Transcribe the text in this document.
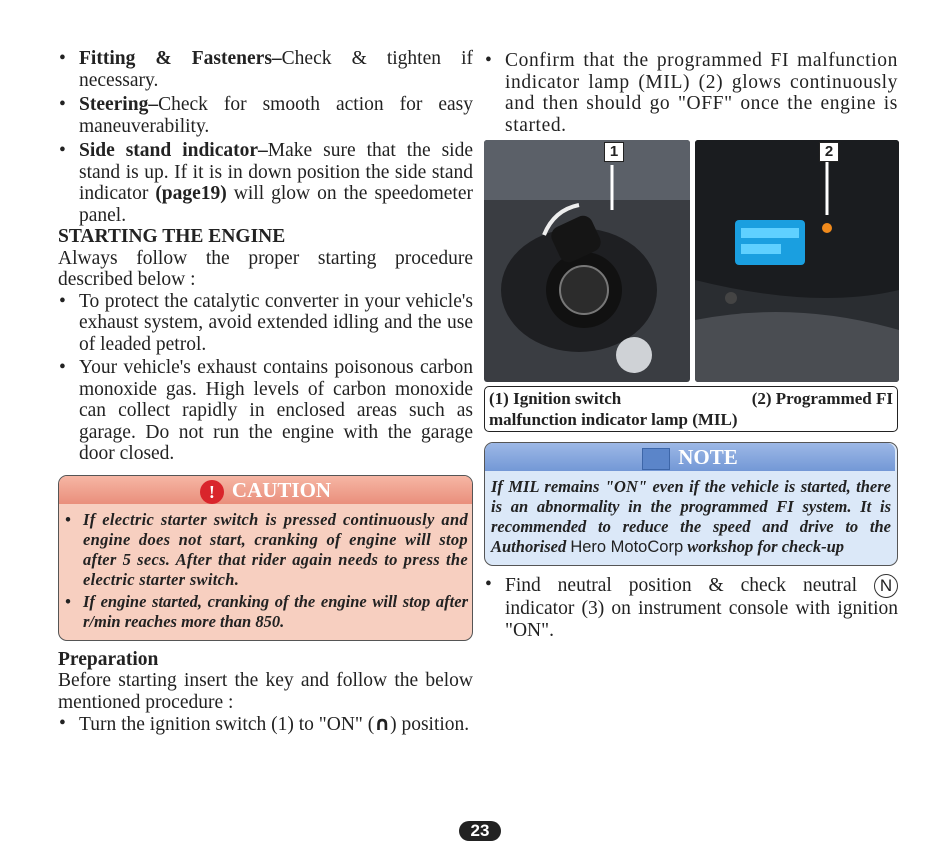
• Fitting & Fasteners–Check & tighten if necessary.
• Steering–Check for smooth action for easy maneuverability.
• Side stand indicator–Make sure that the side stand is up. If it is in down position the side stand indicator (page19) will glow on the speedometer panel.
STARTING THE ENGINE
Always follow the proper starting procedure described below :
• To protect the catalytic converter in your vehicle's exhaust system, avoid extended idling and the use of leaded petrol.
• Your vehicle's exhaust contains poisonous carbon monoxide gas. High levels of carbon monoxide can collect rapidly in enclosed areas such as garage. Do not run the engine with the garage door closed.
! CAUTION
• If electric starter switch is pressed continuously and engine does not start, cranking of engine will stop after 5 secs. After that rider again needs to press the electric starter switch.
• If engine started, cranking of the engine will stop after r/min reaches more than 850.
Preparation
Before starting insert the key and follow the below mentioned procedure :
• Turn the ignition switch (1) to "ON" (∩) position.
• Confirm that the programmed FI malfunction indicator lamp (MIL) (2) glows continuously and then should go "OFF" once the engine is started.
1	2
(1) Ignition switch	(2) Programmed FI

malfunction indicator lamp (MIL)
NOTE
If MIL remains "ON" even if the vehicle is started, there is an abnormality in the programmed FI system. It is recommended to reduce the speed and drive to the Authorised Hero MotoCorp workshop for check-up
• Find neutral position & check neutral N indicator (3) on instrument console with ignition "ON".
23
